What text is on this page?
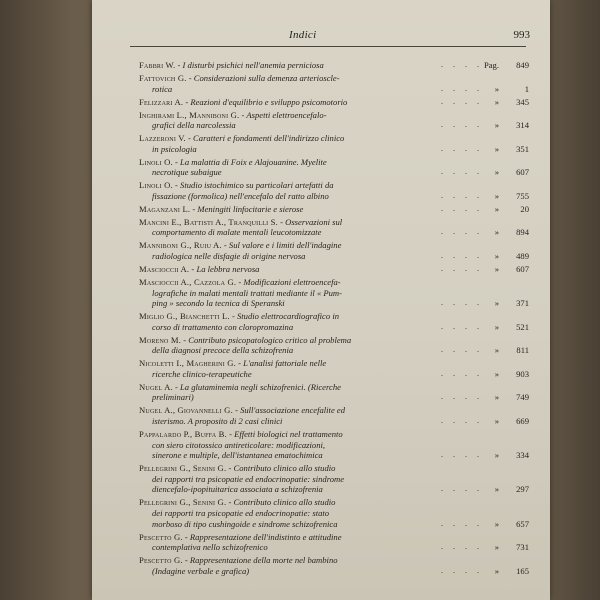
Indici	993
Fabbri W. - I disturbi psichici nell'anemia perniciosa	. . . . Pag.	849
Fattovich G. - Considerazioni sulla demenza arterioscle-
rotica	. . . . »	1
Felizzari A. - Reazioni d'equilibrio e sviluppo psicomotorio	. . . . »	345
Inghirami L., Manniboni G. - Aspetti elettroencefalo-
grafici della narcolessia	. . . . »	314
Lazzeroni V. - Caratteri e fondamenti dell'indirizzo clinico
in psicologia	. . . . »	351
Linoli O. - La malattia di Foix e Alajouanine. Myelite
necrotique subaigue	. . . . »	607
Linoli O. - Studio istochimico su particolari artefatti da
fissazione (formolica) nell'encefalo del ratto albino	. . . . »	755
Maganzani L. - Meningiti linfocitarie e sierose	. . . . »	20
Mancini E., Battisti A., Tranquilli S. - Osservazioni sul
comportamento di malate mentali leucotomizzate	. . . . »	894
Manniboni G., Ruiu A. - Sul valore e i limiti dell'indagine
radiologica nelle disfagie di origine nervosa	. . . . »	489
Mascioccii A. - La lebbra nervosa	. . . . »	607
Mascioccii A., Cazzola G. - Modificazioni elettroencefa-
lografiche in malati mentali trattati mediante il « Pum-
ping » secondo la tecnica di Speranski	. . . . »	371
Miglio G., Bianchetti L. - Studio elettrocardiografico in
corso di trattamento con cloropromazina	. . . . »	521
Moreno M. - Contributo psicopatologico critico al problema
della diagnosi precoce della schizofrenia	. . . . »	811
Nicoletti I., Magherini G. - L'analisi fattoriale nelle
ricerche clinico-terapeutiche	. . . . »	903
Nugel A. - La glutaminemia negli schizofrenici. (Ricerche
preliminari)	. . . . »	749
Nugel A., Giovannelli G. - Sull'associazione encefalite ed
isterismo. A proposito di 2 casi clinici	. . . . »	669
Pappalardo P., Buffa B. - Effetti biologici nel trattamento
con siero citotossico antireticolare: modificazioni,
sinerone e multiple, dell'istantanea ematochimica	. . . . »	334
Pellegrini G., Senini G. - Contributo clinico allo studio
dei rapporti tra psicopatie ed endocrinopatie: sindrome
diencefalo-ipopituitarica associata a schizofrenia	. . . . »	297
Pellegrini G., Senini G. - Contributo clinico allo studio
dei rapporti tra psicopatie ed endocrinopatie: stato
morboso di tipo cushingoide e sindrome schizofrenica	. . . . »	657
Pescetto G. - Rappresentazione dell'indistinto e attitudine
contemplativa nello schizofrenico	. . . . »	731
Pescetto G. - Rappresentazione della morte nel bambino
(Indagine verbale e grafica)	. . . . »	165
